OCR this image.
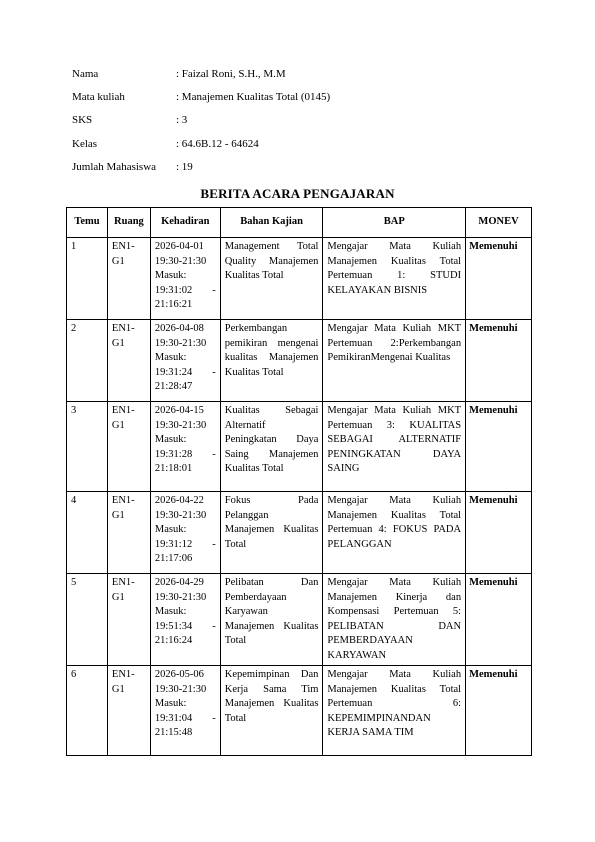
Nama	: Faizal Roni, S.H., M.M
Mata kuliah	: Manajemen Kualitas Total (0145)
SKS	: 3
Kelas	: 64.6B.12 - 64624
Jumlah Mahasiswa	: 19
BERITA ACARA PENGAJARAN
Temu	Ruang	Kehadiran	Bahan Kajian	BAP	MONEV
1	EN1-G1	2026-04-01 19:30-21:30 Masuk: 19:31:02 - 21:16:21	Management Total Quality Manajemen Kualitas Total	Mengajar Mata Kuliah Manajemen Kualitas Total Pertemuan 1: STUDI KELAYAKAN BISNIS	Memenuhi
2	EN1-G1	2026-04-08 19:30-21:30 Masuk: 19:31:24 - 21:28:47	Perkembangan pemikiran mengenai kualitas Manajemen Kualitas Total	Mengajar Mata Kuliah MKT Pertemuan 2:Perkembangan PemikiranMengenai Kualitas	Memenuhi
3	EN1-G1	2026-04-15 19:30-21:30 Masuk: 19:31:28 - 21:18:01	Kualitas Sebagai Alternatif Peningkatan Daya Saing Manajemen Kualitas Total	Mengajar Mata Kuliah MKT Pertemuan 3: KUALITAS SEBAGAI ALTERNATIF PENINGKATAN DAYA SAING	Memenuhi
4	EN1-G1	2026-04-22 19:30-21:30 Masuk: 19:31:12 - 21:17:06	Fokus Pada Pelanggan Manajemen Kualitas Total	Mengajar Mata Kuliah Manajemen Kualitas Total Pertemuan 4: FOKUS PADA PELANGGAN	Memenuhi
5	EN1-G1	2026-04-29 19:30-21:30 Masuk: 19:51:34 - 21:16:24	Pelibatan Dan Pemberdayaan Karyawan Manajemen Kualitas Total	Mengajar Mata Kuliah Manajemen Kinerja dan Kompensasi Pertemuan 5: PELIBATAN DAN PEMBERDAYAAN KARYAWAN	Memenuhi
6	EN1-G1	2026-05-06 19:30-21:30 Masuk: 19:31:04 - 21:15:48	Kepemimpinan Dan Kerja Sama Tim Manajemen Kualitas Total	Mengajar Mata Kuliah Manajemen Kualitas Total Pertemuan 6: KEPEMIMPINANDAN KERJA SAMA TIM	Memenuhi
